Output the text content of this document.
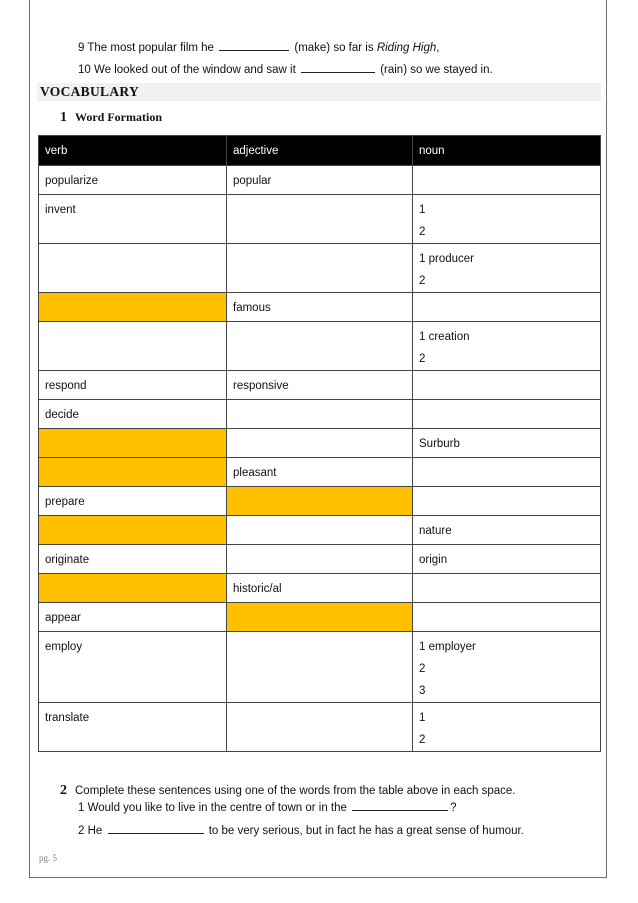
9 The most popular film he	(make) so far is Riding High,
10 We looked out of the window and saw it	(rain) so we stayed in.
VOCABULARY
1 Word Formation
verb	adjective	noun
popularize	popular	
invent		1
2

		1 producer
2

	famous	

		1 creation
2

respond	responsive	
decide		

		Surburb

	pleasant	
prepare		

		nature

originate		origin

	historic/al	
appear		
employ		1 employer
2
3

translate		1
2
2 Complete these sentences using one of the words from the table above in each space.
1 Would you like to live in the centre of town or in the	?
2 He	to be very serious, but in fact he has a great sense of humour.
pg. 5
